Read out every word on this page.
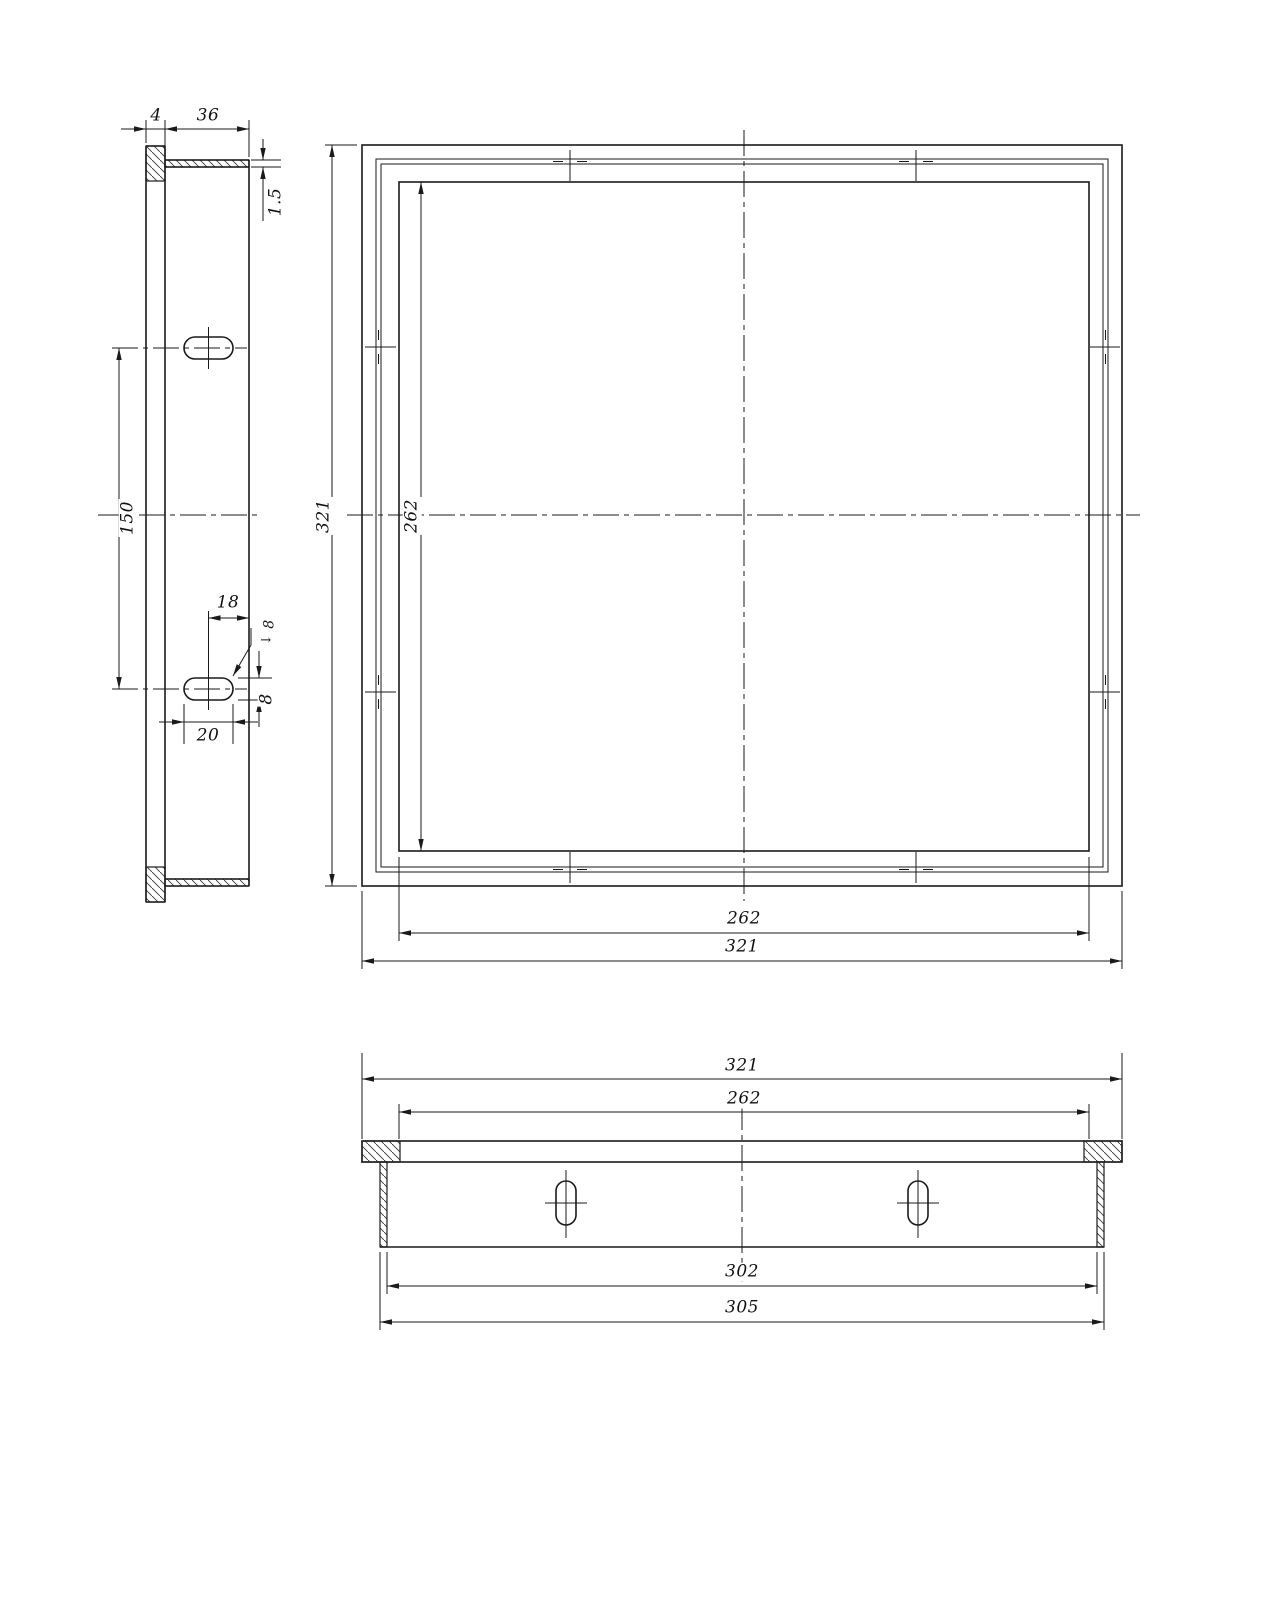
4 36
1.5
150
18
8
→
8
20
321	262
262
321
321
262
302
305
